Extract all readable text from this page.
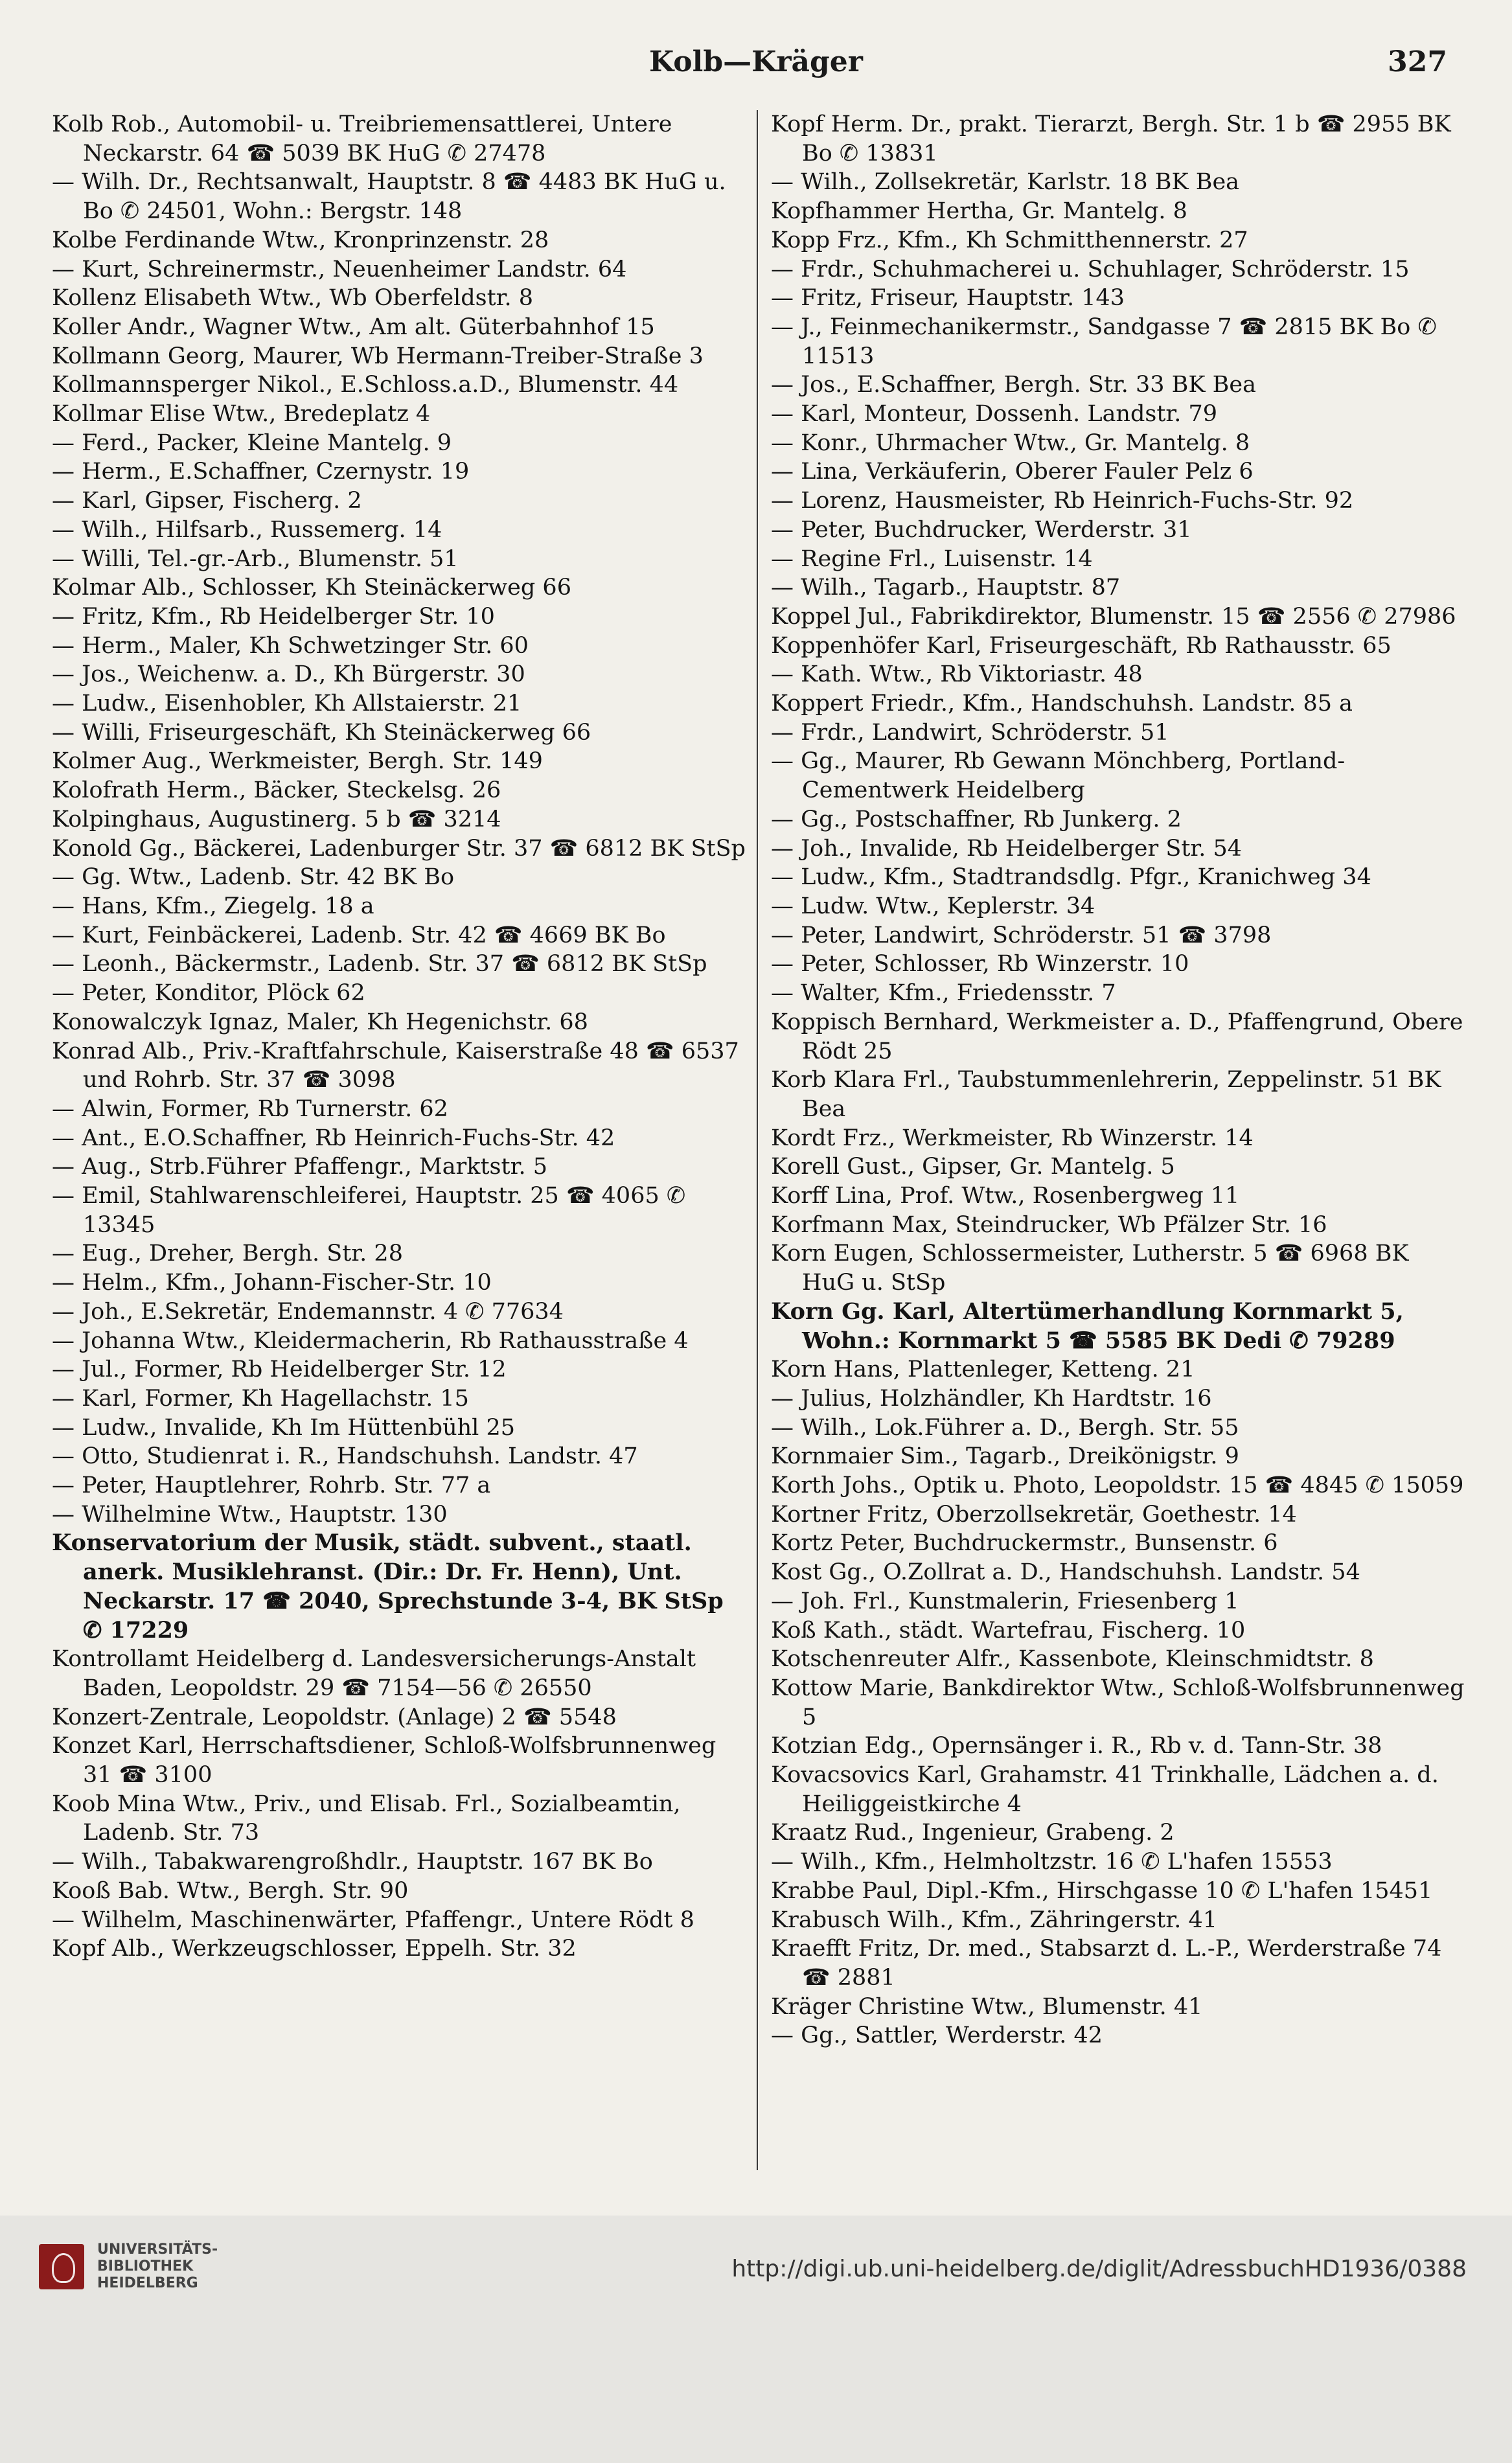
Kolb—Kräger	327

Kolb Rob., Automobil- u. Treibriemensattlerei, Untere Neckarstr. 64 ☎ 5039 BK HuG ✆ 27478

— Wilh. Dr., Rechtsanwalt, Hauptstr. 8 ☎ 4483 BK HuG u. Bo ✆ 24501, Wohn.: Bergstr. 148

Kolbe Ferdinande Wtw., Kronprinzenstr. 28

— Kurt, Schreinermstr., Neuenheimer Landstr. 64

Kollenz Elisabeth Wtw., Wb Oberfeldstr. 8

Koller Andr., Wagner Wtw., Am alt. Güterbahnhof 15

Kollmann Georg, Maurer, Wb Hermann-Treiber-Straße 3

Kollmannsperger Nikol., E.Schloss.a.D., Blumenstr. 44

Kollmar Elise Wtw., Bredeplatz 4

— Ferd., Packer, Kleine Mantelg. 9

— Herm., E.Schaffner, Czernystr. 19

— Karl, Gipser, Fischerg. 2

— Wilh., Hilfsarb., Russemerg. 14

— Willi, Tel.-gr.-Arb., Blumenstr. 51

Kolmar Alb., Schlosser, Kh Steinäckerweg 66

— Fritz, Kfm., Rb Heidelberger Str. 10

— Herm., Maler, Kh Schwetzinger Str. 60

— Jos., Weichenw. a. D., Kh Bürgerstr. 30

— Ludw., Eisenhobler, Kh Allstaierstr. 21

— Willi, Friseurgeschäft, Kh Steinäckerweg 66

Kolmer Aug., Werkmeister, Bergh. Str. 149

Kolofrath Herm., Bäcker, Steckelsg. 26

Kolpinghaus, Augustinerg. 5 b ☎ 3214

Konold Gg., Bäckerei, Ladenburger Str. 37 ☎ 6812 BK StSp

— Gg. Wtw., Ladenb. Str. 42 BK Bo

— Hans, Kfm., Ziegelg. 18 a

— Kurt, Feinbäckerei, Ladenb. Str. 42 ☎ 4669 BK Bo

— Leonh., Bäckermstr., Ladenb. Str. 37 ☎ 6812 BK StSp

— Peter, Konditor, Plöck 62

Konowalczyk Ignaz, Maler, Kh Hegenichstr. 68

Konrad Alb., Priv.-Kraftfahrschule, Kaiserstraße 48 ☎ 6537 und Rohrb. Str. 37 ☎ 3098

— Alwin, Former, Rb Turnerstr. 62

— Ant., E.O.Schaffner, Rb Heinrich-Fuchs-Str. 42

— Aug., Strb.Führer Pfaffengr., Marktstr. 5

— Emil, Stahlwarenschleiferei, Hauptstr. 25 ☎ 4065 ✆ 13345

— Eug., Dreher, Bergh. Str. 28

— Helm., Kfm., Johann-Fischer-Str. 10

— Joh., E.Sekretär, Endemannstr. 4 ✆ 77634

— Johanna Wtw., Kleidermacherin, Rb Rathausstraße 4

— Jul., Former, Rb Heidelberger Str. 12

— Karl, Former, Kh Hagellachstr. 15

— Ludw., Invalide, Kh Im Hüttenbühl 25

— Otto, Studienrat i. R., Handschuhsh. Landstr. 47

— Peter, Hauptlehrer, Rohrb. Str. 77 a

— Wilhelmine Wtw., Hauptstr. 130

Konservatorium der Musik, städt. subvent., staatl. anerk. Musiklehranst. (Dir.: Dr. Fr. Henn), Unt. Neckarstr. 17 ☎ 2040, Sprechstunde 3-4, BK StSp ✆ 17229

Kontrollamt Heidelberg d. Landesversicherungs-Anstalt Baden, Leopoldstr. 29 ☎ 7154—56 ✆ 26550

Konzert-Zentrale, Leopoldstr. (Anlage) 2 ☎ 5548

Konzet Karl, Herrschaftsdiener, Schloß-Wolfsbrunnenweg 31 ☎ 3100

Koob Mina Wtw., Priv., und Elisab. Frl., Sozialbeamtin, Ladenb. Str. 73

— Wilh., Tabakwarengroßhdlr., Hauptstr. 167 BK Bo

Kooß Bab. Wtw., Bergh. Str. 90

— Wilhelm, Maschinenwärter, Pfaffengr., Untere Rödt 8

Kopf Alb., Werkzeugschlosser, Eppelh. Str. 32

Kopf Herm. Dr., prakt. Tierarzt, Bergh. Str. 1 b ☎ 2955 BK Bo ✆ 13831

— Wilh., Zollsekretär, Karlstr. 18 BK Bea

Kopfhammer Hertha, Gr. Mantelg. 8

Kopp Frz., Kfm., Kh Schmitthennerstr. 27

— Frdr., Schuhmacherei u. Schuhlager, Schröderstr. 15

— Fritz, Friseur, Hauptstr. 143

— J., Feinmechanikermstr., Sandgasse 7 ☎ 2815 BK Bo ✆ 11513

— Jos., E.Schaffner, Bergh. Str. 33 BK Bea

— Karl, Monteur, Dossenh. Landstr. 79

— Konr., Uhrmacher Wtw., Gr. Mantelg. 8

— Lina, Verkäuferin, Oberer Fauler Pelz 6

— Lorenz, Hausmeister, Rb Heinrich-Fuchs-Str. 92

— Peter, Buchdrucker, Werderstr. 31

— Regine Frl., Luisenstr. 14

— Wilh., Tagarb., Hauptstr. 87

Koppel Jul., Fabrikdirektor, Blumenstr. 15 ☎ 2556 ✆ 27986

Koppenhöfer Karl, Friseurgeschäft, Rb Rathausstr. 65

— Kath. Wtw., Rb Viktoriastr. 48

Koppert Friedr., Kfm., Handschuhsh. Landstr. 85 a

— Frdr., Landwirt, Schröderstr. 51

— Gg., Maurer, Rb Gewann Mönchberg, Portland-Cementwerk Heidelberg

— Gg., Postschaffner, Rb Junkerg. 2

— Joh., Invalide, Rb Heidelberger Str. 54

— Ludw., Kfm., Stadtrandsdlg. Pfgr., Kranichweg 34

— Ludw. Wtw., Keplerstr. 34

— Peter, Landwirt, Schröderstr. 51 ☎ 3798

— Peter, Schlosser, Rb Winzerstr. 10

— Walter, Kfm., Friedensstr. 7

Koppisch Bernhard, Werkmeister a. D., Pfaffengrund, Obere Rödt 25

Korb Klara Frl., Taubstummenlehrerin, Zeppelinstr. 51 BK Bea

Kordt Frz., Werkmeister, Rb Winzerstr. 14

Korell Gust., Gipser, Gr. Mantelg. 5

Korff Lina, Prof. Wtw., Rosenbergweg 11

Korfmann Max, Steindrucker, Wb Pfälzer Str. 16

Korn Eugen, Schlossermeister, Lutherstr. 5 ☎ 6968 BK HuG u. StSp

Korn Gg. Karl, Altertümerhandlung Kornmarkt 5, Wohn.: Kornmarkt 5 ☎ 5585 BK Dedi ✆ 79289

Korn Hans, Plattenleger, Ketteng. 21

— Julius, Holzhändler, Kh Hardtstr. 16

— Wilh., Lok.Führer a. D., Bergh. Str. 55

Kornmaier Sim., Tagarb., Dreikönigstr. 9

Korth Johs., Optik u. Photo, Leopoldstr. 15 ☎ 4845 ✆ 15059

Kortner Fritz, Oberzollsekretär, Goethestr. 14

Kortz Peter, Buchdruckermstr., Bunsenstr. 6

Kost Gg., O.Zollrat a. D., Handschuhsh. Landstr. 54

— Joh. Frl., Kunstmalerin, Friesenberg 1

Koß Kath., städt. Wartefrau, Fischerg. 10

Kotschenreuter Alfr., Kassenbote, Kleinschmidtstr. 8

Kottow Marie, Bankdirektor Wtw., Schloß-Wolfsbrunnenweg 5

Kotzian Edg., Opernsänger i. R., Rb v. d. Tann-Str. 38

Kovacsovics Karl, Grahamstr. 41 Trinkhalle, Lädchen a. d. Heiliggeistkirche 4

Kraatz Rud., Ingenieur, Grabeng. 2

— Wilh., Kfm., Helmholtzstr. 16 ✆ L'hafen 15553

Krabbe Paul, Dipl.-Kfm., Hirschgasse 10 ✆ L'hafen 15451

Krabusch Wilh., Kfm., Zähringerstr. 41

Kraefft Fritz, Dr. med., Stabsarzt d. L.-P., Werderstraße 74 ☎ 2881

Kräger Christine Wtw., Blumenstr. 41

— Gg., Sattler, Werderstr. 42

UNIVERSITÄTS-
BIBLIOTHEK
HEIDELBERG
http://digi.ub.uni-heidelberg.de/diglit/AdressbuchHD1936/0388
